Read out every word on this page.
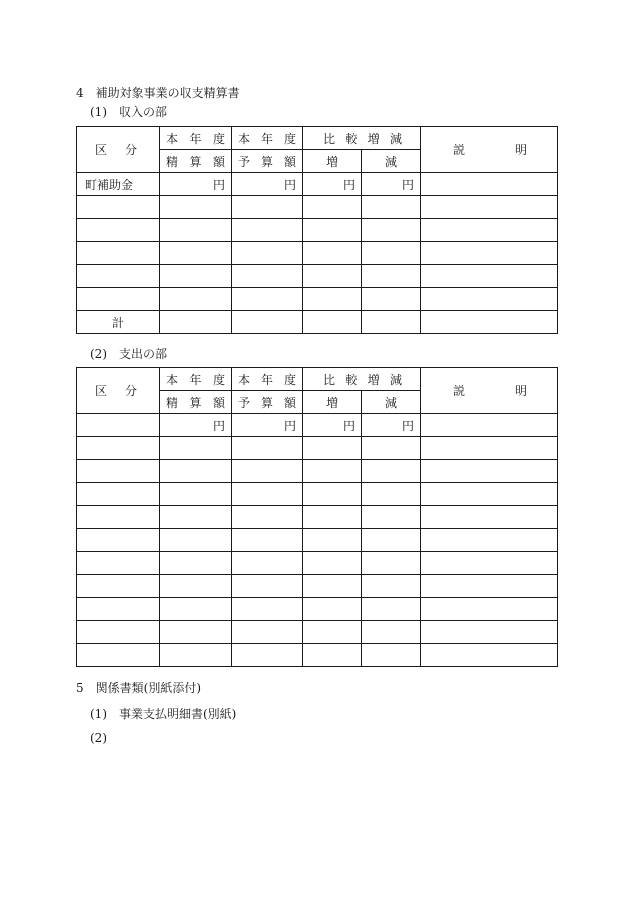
4　補助対象事業の収支精算書
(1)　収入の部
区 分	本 年 度	本 年 度	比 較 増 減		説 明

	精 算 額	予 算 額	増	減	
町補助金	円	円	円	円	

計					
(2)　支出の部
区 分	本 年 度	本 年 度	比 較 増 減		説 明

	精 算 額	予 算 額	増	減	
	円	円	円	円	

5　関係書類(別紙添付)
(1)　事業支払明細書(別紙)
(2)
